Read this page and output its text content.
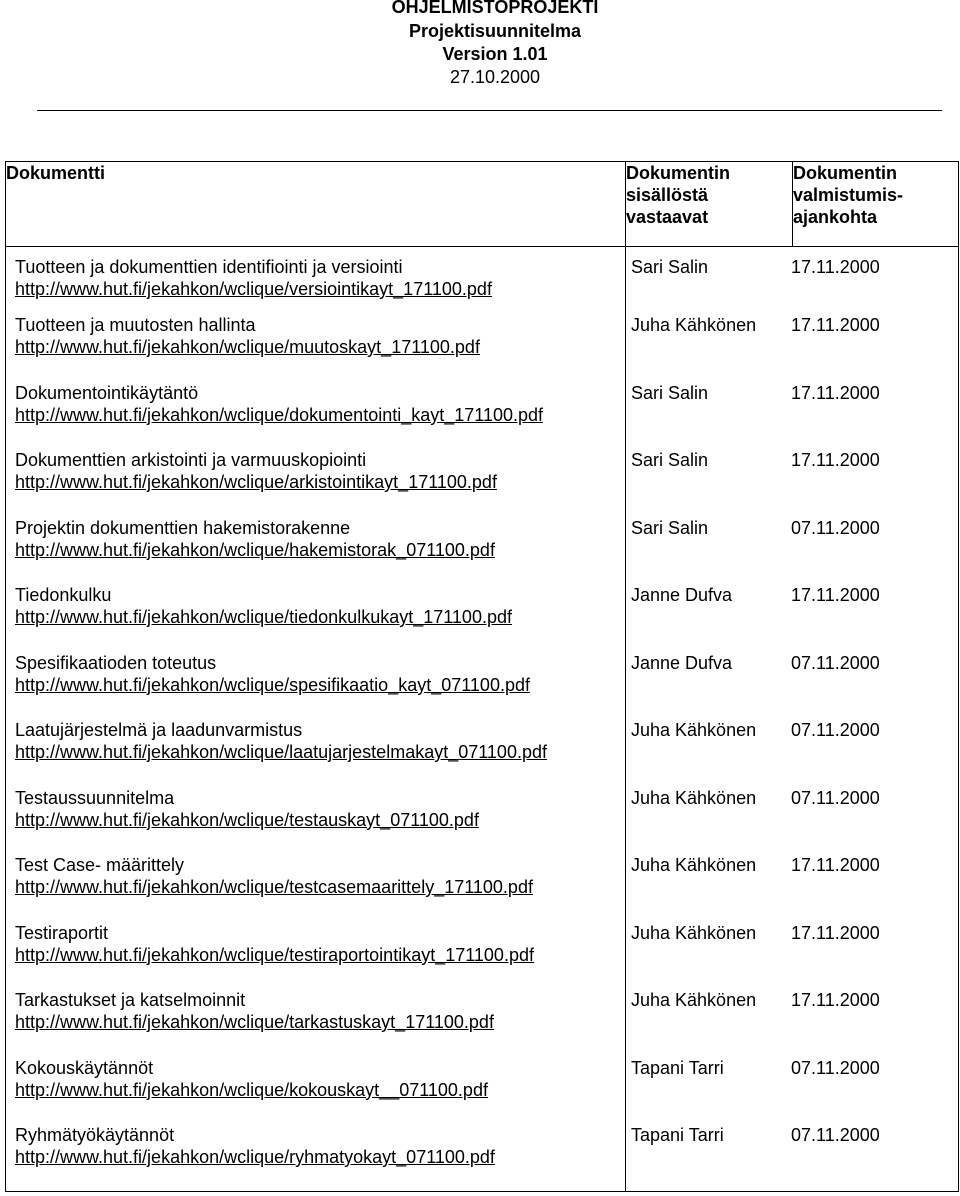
OHJELMISTOPROJEKTI
Projektisuunnitelma
Version 1.01
27.10.2000
Dokumentti	Dokumentin sisällöstä vastaavat	Dokumentin valmistumis-ajankohta

Tuotteen ja dokumenttien identifiointi ja versiointi
http://www.hut.fi/jekahkon/wclique/versiointikayt_171100.pdf	Sari Salin 17.11.2000	

Tuotteen ja muutosten hallinta
http://www.hut.fi/jekahkon/wclique/muutoskayt_171100.pdf	Juha Kähkönen 17.11.2000	

Dokumentointikäytäntö
http://www.hut.fi/jekahkon/wclique/dokumentointi_kayt_171100.pdf	Sari Salin 17.11.2000	

Dokumenttien arkistointi ja varmuuskopiointi
http://www.hut.fi/jekahkon/wclique/arkistointikayt_171100.pdf	Sari Salin 17.11.2000	

Projektin dokumenttien hakemistorakenne
http://www.hut.fi/jekahkon/wclique/hakemistorak_071100.pdf	Sari Salin 07.11.2000	

Tiedonkulku
http://www.hut.fi/jekahkon/wclique/tiedonkulkukayt_171100.pdf	Janne Dufva 17.11.2000	

Spesifikaatioden toteutus
http://www.hut.fi/jekahkon/wclique/spesifikaatio_kayt_071100.pdf	Janne Dufva 07.11.2000	

Laatujärjestelmä ja laadunvarmistus
http://www.hut.fi/jekahkon/wclique/laatujarjestelmakayt_071100.pdf	Juha Kähkönen 07.11.2000	

Testaussuunnitelma
http://www.hut.fi/jekahkon/wclique/testauskayt_071100.pdf	Juha Kähkönen 07.11.2000	

Test Case- määrittely
http://www.hut.fi/jekahkon/wclique/testcasemaarittely_171100.pdf	Juha Kähkönen 17.11.2000	

Testiraportit
http://www.hut.fi/jekahkon/wclique/testiraportointikayt_171100.pdf	Juha Kähkönen 17.11.2000	

Tarkastukset ja katselmoinnit
http://www.hut.fi/jekahkon/wclique/tarkastuskayt_171100.pdf	Juha Kähkönen 17.11.2000	

Kokouskäytännöt
http://www.hut.fi/jekahkon/wclique/kokouskayt__071100.pdf	Tapani Tarri 07.11.2000	

Ryhmätyökäytännöt
http://www.hut.fi/jekahkon/wclique/ryhmatyokayt_071100.pdf	Tapani Tarri 07.11.2000	
